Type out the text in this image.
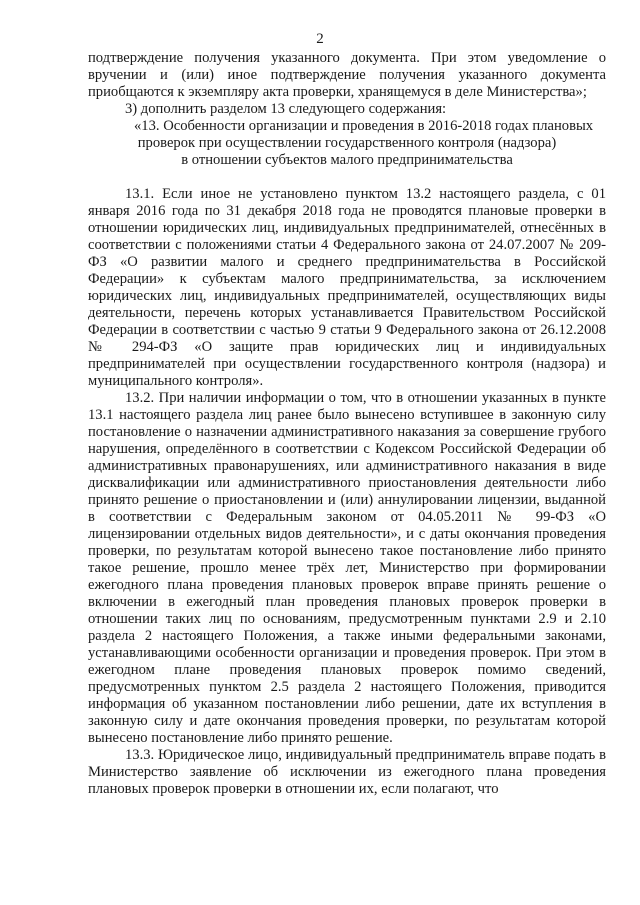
2

подтверждение получения указанного документа. При этом уведомление о вручении и (или) иное подтверждение получения указанного документа приобщаются к экземпляру акта проверки, хранящемуся в деле Министерства»;

3) дополнить разделом 13 следующего содержания:

«13. Особенности организации и проведения в 2016-2018 годах плановых
проверок при осуществлении государственного контроля (надзора)
в отношении субъектов малого предпринимательства

13.1. Если иное не установлено пунктом 13.2 настоящего раздела, с 01 января 2016 года по 31 декабря 2018 года не проводятся плановые проверки в отношении юридических лиц, индивидуальных предпринимателей, отнесённых в соответствии с положениями статьи 4 Федерального закона от 24.07.2007 № 209-ФЗ «О развитии малого и среднего предпринимательства в Российской Федерации» к субъектам малого предпринимательства, за исключением юридических лиц, индивидуальных предпринимателей, осуществляющих виды деятельности, перечень которых устанавливается Правительством Российской Федерации в соответствии с частью 9 статьи 9 Федерального закона от 26.12.2008 № 294-ФЗ «О защите прав юридических лиц и индивидуальных предпринимателей при осуществлении государственного контроля (надзора) и муниципального контроля».

13.2. При наличии информации о том, что в отношении указанных в пункте 13.1 настоящего раздела лиц ранее было вынесено вступившее в законную силу постановление о назначении административного наказания за совершение грубого нарушения, определённого в соответствии с Кодексом Российской Федерации об административных правонарушениях, или административного наказания в виде дисквалификации или административного приостановления деятельности либо принято решение о приостановлении и (или) аннулировании лицензии, выданной в соответствии с Федеральным законом от 04.05.2011 № 99-ФЗ «О лицензировании отдельных видов деятельности», и с даты окончания проведения проверки, по результатам которой вынесено такое постановление либо принято такое решение, прошло менее трёх лет, Министерство при формировании ежегодного плана проведения плановых проверок вправе принять решение о включении в ежегодный план проведения плановых проверок проверки в отношении таких лиц по основаниям, предусмотренным пунктами 2.9 и 2.10 раздела 2 настоящего Положения, а также иными федеральными законами, устанавливающими особенности организации и проведения проверок. При этом в ежегодном плане проведения плановых проверок помимо сведений, предусмотренных пунктом 2.5 раздела 2 настоящего Положения, приводится информация об указанном постановлении либо решении, дате их вступления в законную силу и дате окончания проведения проверки, по результатам которой вынесено постановление либо принято решение.

13.3. Юридическое лицо, индивидуальный предприниматель вправе подать в Министерство заявление об исключении из ежегодного плана проведения плановых проверок проверки в отношении их, если полагают, что
